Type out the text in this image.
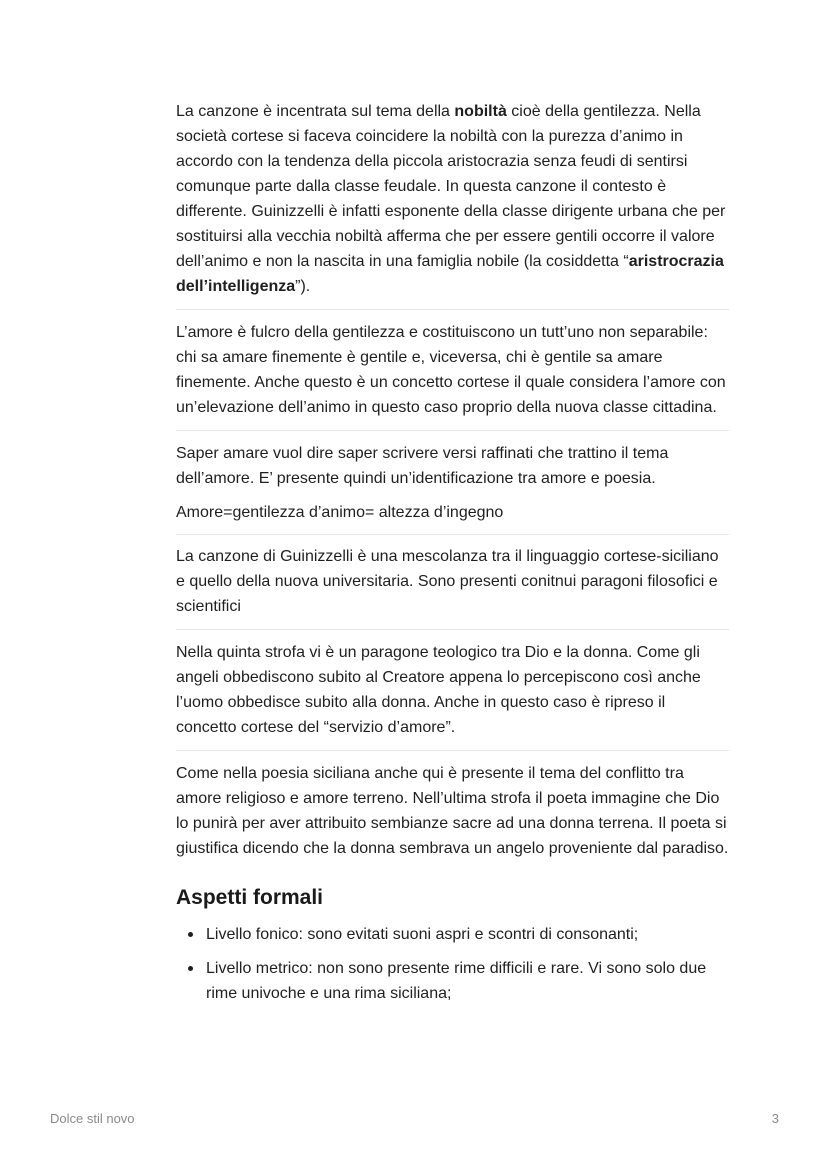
La canzone è incentrata sul tema della nobiltà cioè della gentilezza. Nella società cortese si faceva coincidere la nobiltà con la purezza d’animo in accordo con la tendenza della piccola aristocrazia senza feudi di sentirsi comunque parte dalla classe feudale. In questa canzone il contesto è differente. Guinizzelli è infatti esponente della classe dirigente urbana che per sostituirsi alla vecchia nobiltà afferma che per essere gentili occorre il valore dell’animo e non la nascita in una famiglia nobile (la cosiddetta “aristrocrazia dell’intelligenza”).

L’amore è fulcro della gentilezza e costituiscono un tutt’uno non separabile: chi sa amare finemente è gentile e, viceversa, chi è gentile sa amare finemente. Anche questo è un concetto cortese il quale considera l’amore con un’elevazione dell’animo in questo caso proprio della nuova classe cittadina.

Saper amare vuol dire saper scrivere versi raffinati che trattino il tema dell’amore. E’ presente quindi un’identificazione tra amore e poesia.

Amore=gentilezza d’animo= altezza d’ingegno

La canzone di Guinizzelli è una mescolanza tra il linguaggio cortese-siciliano e quello della nuova universitaria. Sono presenti conitnui paragoni filosofici e scientifici

Nella quinta strofa vi è un paragone teologico tra Dio e la donna. Come gli angeli obbediscono subito al Creatore appena lo percepiscono così anche l’uomo obbedisce subito alla donna. Anche in questo caso è ripreso il concetto cortese del “servizio d’amore”.

Come nella poesia siciliana anche qui è presente il tema del conflitto tra amore religioso e amore terreno. Nell’ultima strofa il poeta immagine che Dio lo punirà per aver attribuito sembianze sacre ad una donna terrena. Il poeta si giustifica dicendo che la donna sembrava un angelo proveniente dal paradiso.

Aspetti formali
Livello fonico: sono evitati suoni aspri e scontri di consonanti;
Livello metrico: non sono presente rime difficili e rare. Vi sono solo due rime univoche e una rima siciliana;
Dolce stil novo	3
